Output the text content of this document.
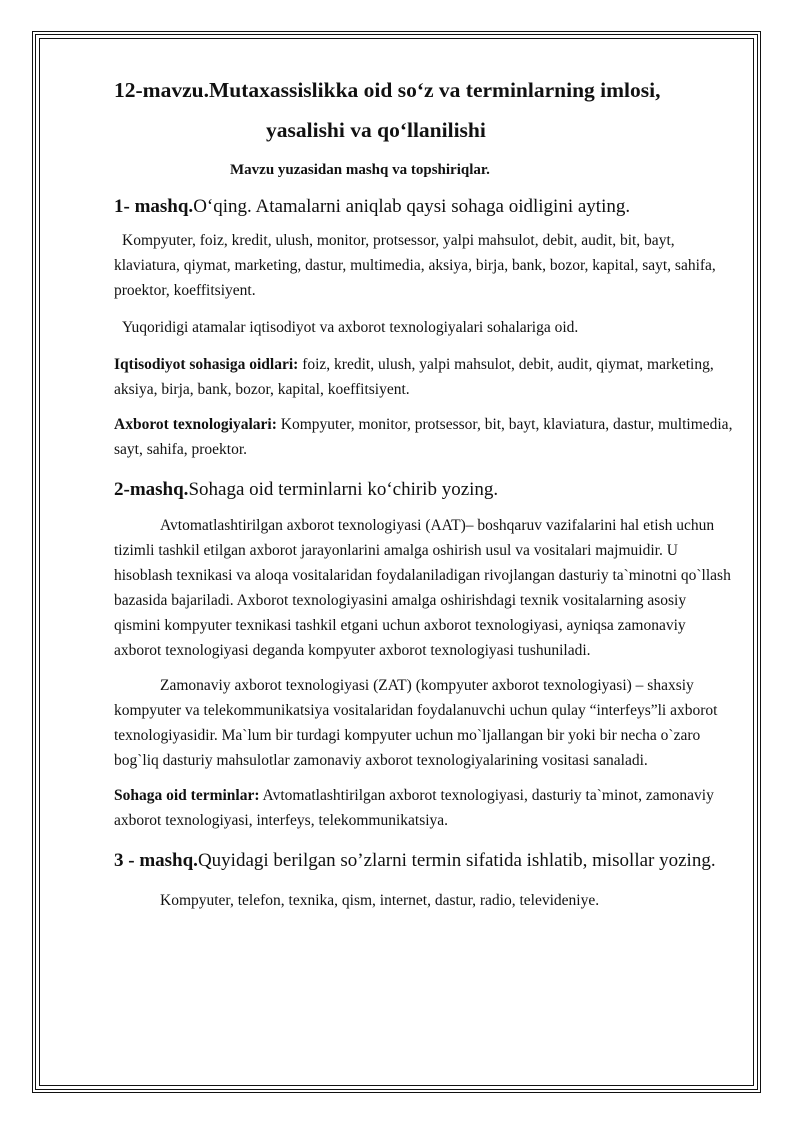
12-mavzu.Mutaxassislikka oid so‘z va terminlarning imlosi,
yasalishi va qo‘llanilishi
Mavzu yuzasidan mashq va topshiriqlar.
1- mashq.O‘qing. Atamalarni aniqlab qaysi sohaga oidligini ayting.

Kompyuter, foiz, kredit, ulush, monitor, protsessor, yalpi mahsulot, debit, audit, bit, bayt, klaviatura, qiymat, marketing, dastur, multimedia, aksiya, birja, bank, bozor, kapital, sayt, sahifa, proektor, koeffitsiyent.

Yuqoridigi atamalar iqtisodiyot va axborot texnologiyalari sohalariga oid.

Iqtisodiyot sohasiga oidlari: foiz, kredit, ulush, yalpi mahsulot, debit, audit, qiymat, marketing, aksiya, birja, bank, bozor, kapital, koeffitsiyent.

Axborot texnologiyalari: Kompyuter, monitor, protsessor, bit, bayt, klaviatura, dastur, multimedia, sayt, sahifa, proektor.

2-mashq.Sohaga oid terminlarni ko‘chirib yozing.

Avtomatlashtirilgan axborot texnologiyasi (AAT)– boshqaruv vazifalarini hal etish uchun tizimli tashkil etilgan axborot jarayonlarini amalga oshirish usul va vositalari majmuidir. U hisoblash texnikasi va aloqa vositalaridan foydalaniladigan rivojlangan dasturiy ta`minotni qo`llash bazasida bajariladi. Axborot texnologiyasini amalga oshirishdagi texnik vositalarning asosiy qismini kompyuter texnikasi tashkil etgani uchun axborot texnologiyasi, ayniqsa zamonaviy axborot texnologiyasi deganda kompyuter axborot texnologiyasi tushuniladi.

Zamonaviy axborot texnologiyasi (ZAT) (kompyuter axborot texnologiyasi) – shaxsiy kompyuter va telekommunikatsiya vositalaridan foydalanuvchi uchun qulay “interfeys”li axborot texnologiyasidir. Ma`lum bir turdagi kompyuter uchun mo`ljallangan bir yoki bir necha o`zaro bog`liq dasturiy mahsulotlar zamonaviy axborot texnologiyalarining vositasi sanaladi.

Sohaga oid terminlar: Avtomatlashtirilgan axborot texnologiyasi, dasturiy ta`minot, zamonaviy axborot texnologiyasi, interfeys, telekommunikatsiya.

3 - mashq.Quyidagi berilgan so’zlarni termin sifatida ishlatib, misollar yozing.

Kompyuter, telefon, texnika, qism, internet, dastur, radio, televideniye.
